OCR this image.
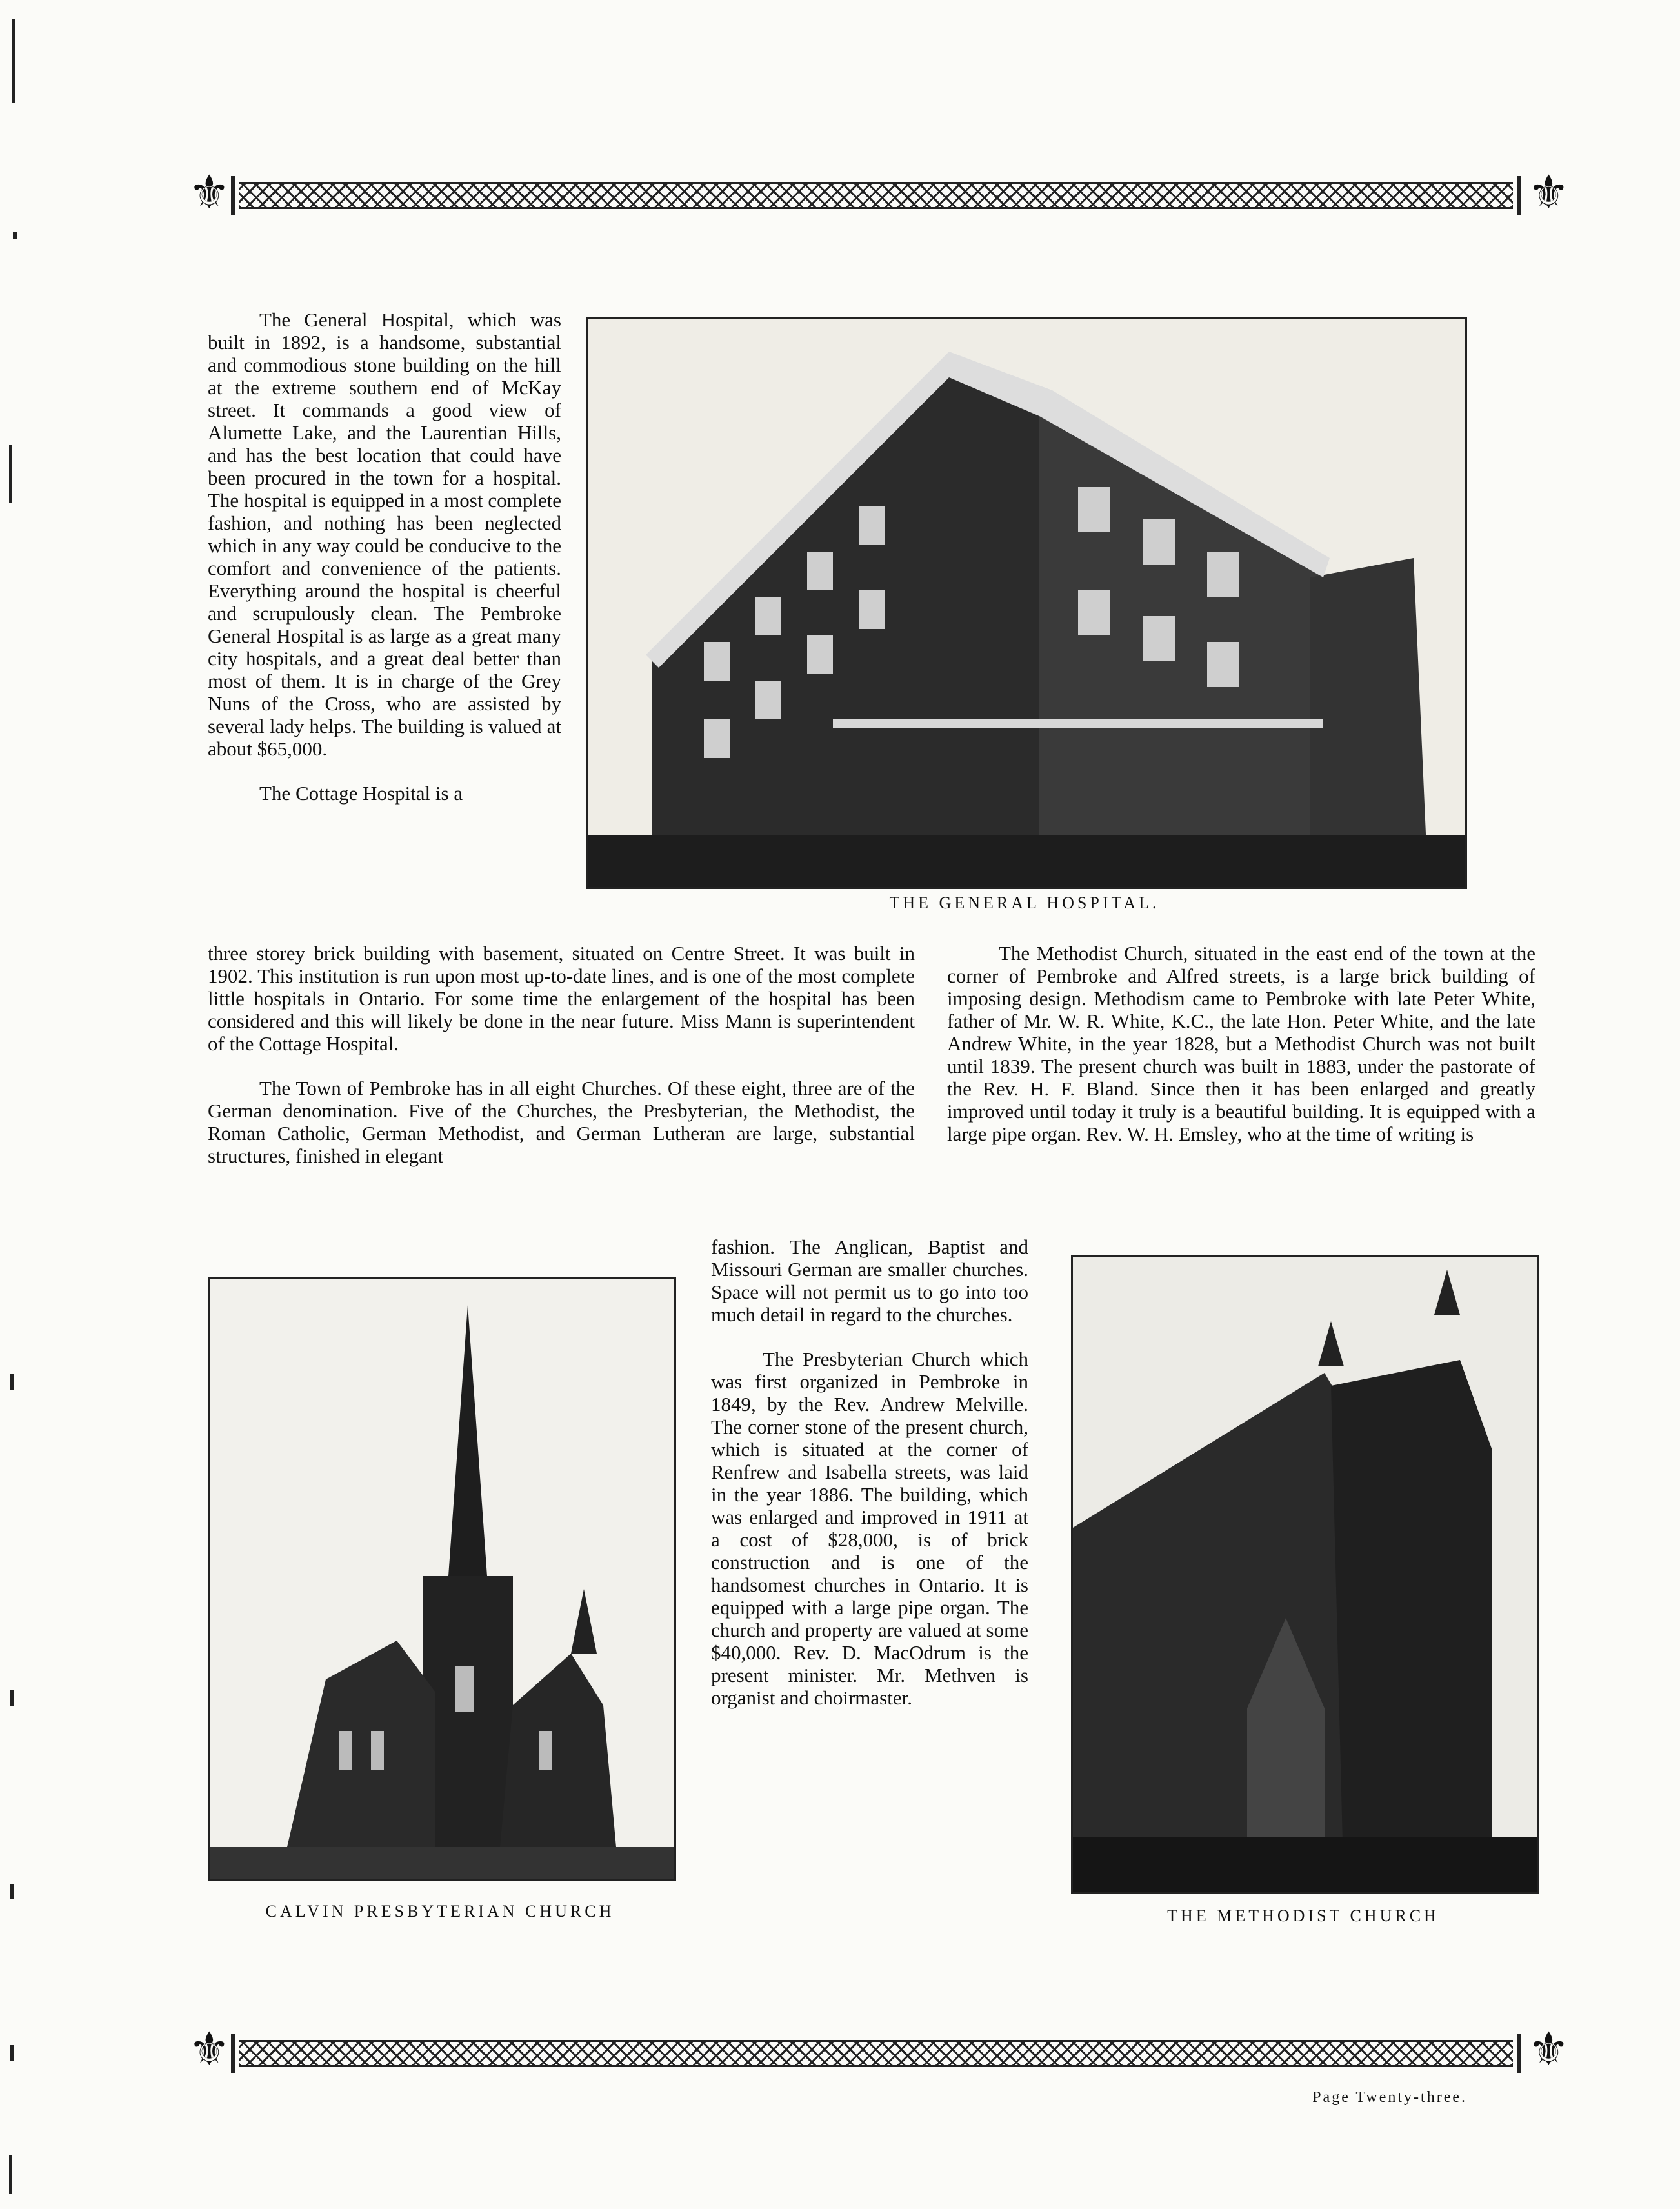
⚜	⚜
THE GENERAL HOSPITAL.

The General Hospital, which was built in 1892, is a handsome, substantial and commodious stone building on the hill at the extreme southern end of McKay street. It commands a good view of Alumette Lake, and the Laurentian Hills, and has the best location that could have been procured in the town for a hospital. The hospital is equipped in a most complete fashion, and nothing has been neglected which in any way could be conducive to the comfort and convenience of the patients. Everything around the hospital is cheerful and scrupulously clean. The Pembroke General Hospital is as large as a great many city hospitals, and a great deal better than most of them. It is in charge of the Grey Nuns of the Cross, who are assisted by several lady helps. The building is valued at about $65,000.

The Cottage Hospital is a

three storey brick building with basement, situated on Centre Street. It was built in 1902. This institution is run upon most up-to-date lines, and is one of the most complete little hospitals in Ontario. For some time the enlargement of the hospital has been considered and this will likely be done in the near future. Miss Mann is superintendent of the Cottage Hospital.

The Town of Pembroke has in all eight Churches. Of these eight, three are of the German denomination. Five of the Churches, the Presbyterian, the Methodist, the Roman Catholic, German Methodist, and German Lutheran are large, substantial structures, finished in elegant

The Methodist Church, situated in the east end of the town at the corner of Pembroke and Alfred streets, is a large brick building of imposing design. Methodism came to Pembroke with late Peter White, father of Mr. W. R. White, K.C., the late Hon. Peter White, and the late Andrew White, in the year 1828, but a Methodist Church was not built until 1839. The present church was built in 1883, under the pastorate of the Rev. H. F. Bland. Since then it has been enlarged and greatly improved until today it truly is a beautiful building. It is equipped with a large pipe organ. Rev. W. H. Emsley, who at the time of writing is

fashion. The Anglican, Baptist and Missouri German are smaller churches. Space will not permit us to go into too much detail in regard to the churches.

The Presbyterian Church which was first organized in Pembroke in 1849, by the Rev. Andrew Melville. The corner stone of the present church, which is situated at the corner of Renfrew and Isabella streets, was laid in the year 1886. The building, which was enlarged and improved in 1911 at a cost of $28,000, is of brick construction and is one of the handsomest churches in Ontario. It is equipped with a large pipe organ. The church and property are valued at some $40,000. Rev. D. MacOdrum is the present minister. Mr. Methven is organist and choirmaster.

CALVIN PRESBYTERIAN CHURCH	THE METHODIST CHURCH
⚜	⚜
Page Twenty-three.
